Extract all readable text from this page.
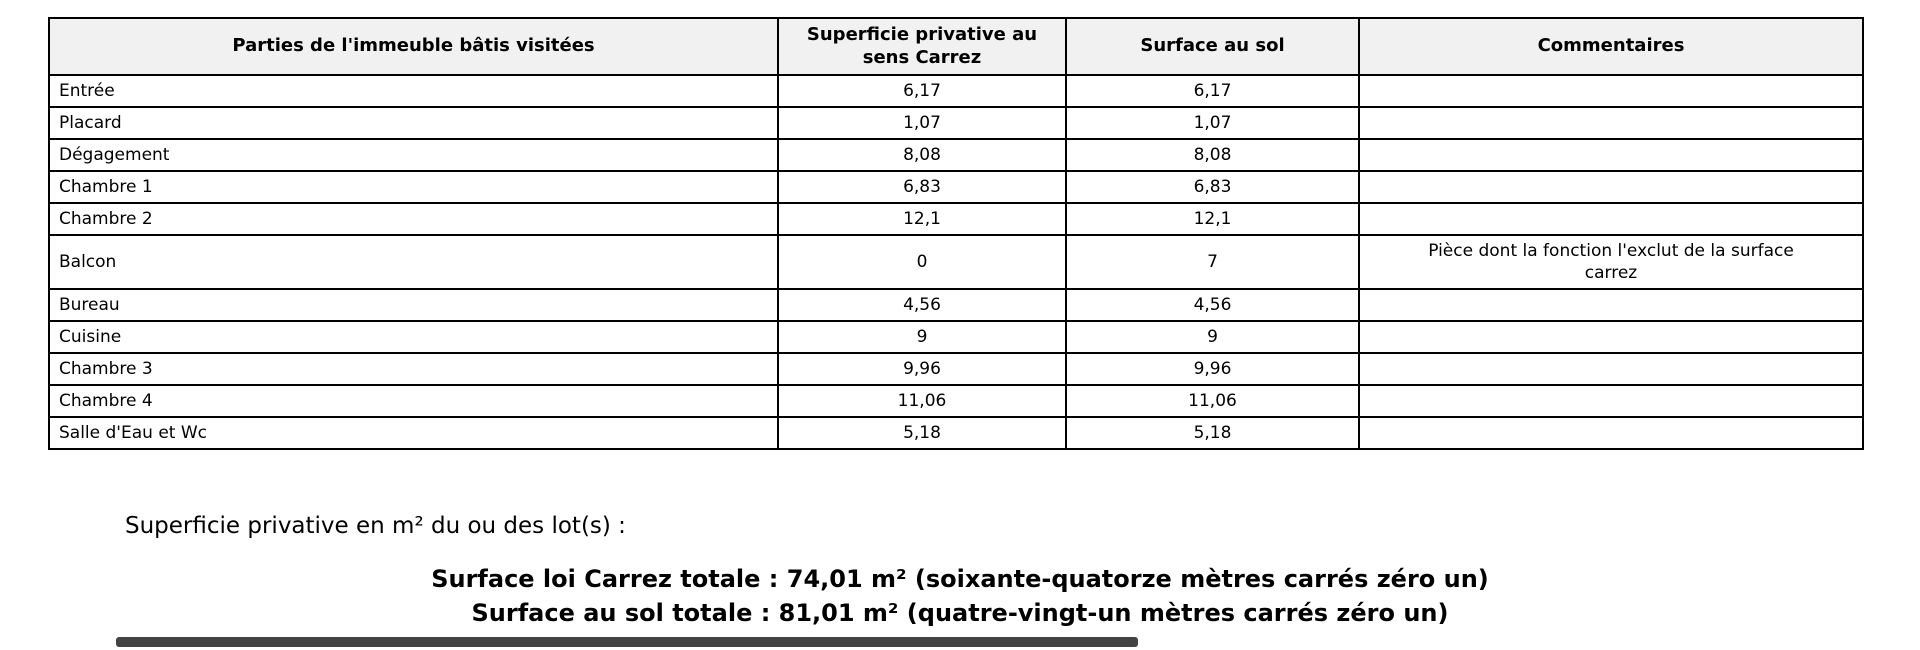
Parties de l'immeuble bâtis visitées	Superficie privative au sens Carrez	Surface au sol	Commentaires
Entrée	6,17	6,17	
Placard	1,07	1,07	
Dégagement	8,08	8,08	
Chambre 1	6,83	6,83	
Chambre 2	12,1	12,1	
Balcon	0	7	Pièce dont la fonction l'exclut de la surface carrez
Bureau	4,56	4,56	
Cuisine	9	9	
Chambre 3	9,96	9,96	
Chambre 4	11,06	11,06	
Salle d'Eau et Wc	5,18	5,18	
Superficie privative en m² du ou des lot(s) :
Surface loi Carrez totale : 74,01 m² (soixante-quatorze mètres carrés zéro un)
Surface au sol totale : 81,01 m² (quatre-vingt-un mètres carrés zéro un)
